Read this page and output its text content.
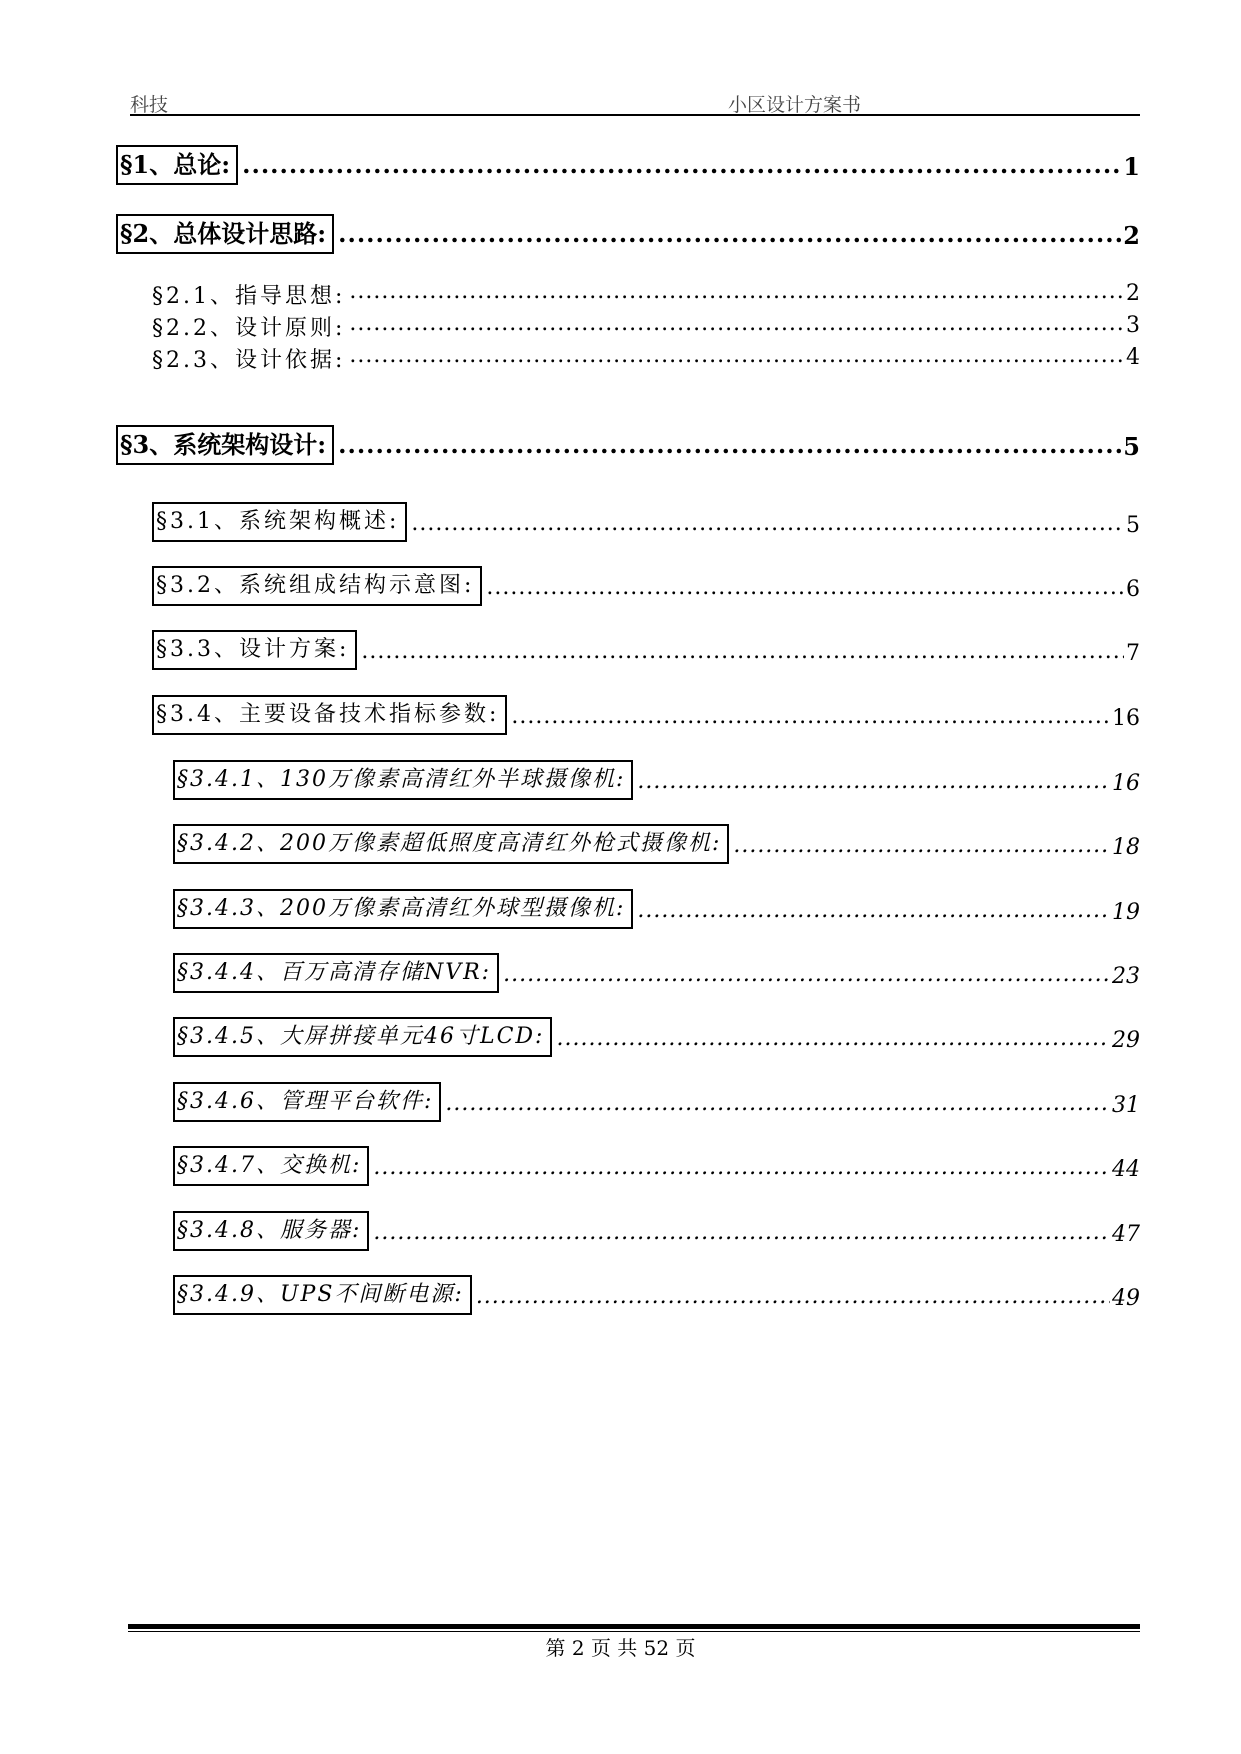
科技	小区设计方案书
§1、总论: .....	1
§2、总体设计思路: .....	2
§2.1、指导思想: .....	2
§2.2、设计原则: .....	3
§2.3、设计依据: .....	4
§3、系统架构设计: .....	5
§3.1、系统架构概述: .....	5
§3.2、系统组成结构示意图: .....	6
§3.3、设计方案: .....	7
§3.4、主要设备技术指标参数: .....	16
§3.4.1、130万像素高清红外半球摄像机: .....	16
§3.4.2、200万像素超低照度高清红外枪式摄像机: .....	18
§3.4.3、200万像素高清红外球型摄像机: .....	19
§3.4.4、百万高清存储NVR: .....	23
§3.4.5、大屏拼接单元46寸LCD: .....	29
§3.4.6、管理平台软件: .....	31
§3.4.7、交换机: .....	44
§3.4.8、服务器: .....	47
§3.4.9、UPS不间断电源: .....	49
第 2 页 共 52 页
